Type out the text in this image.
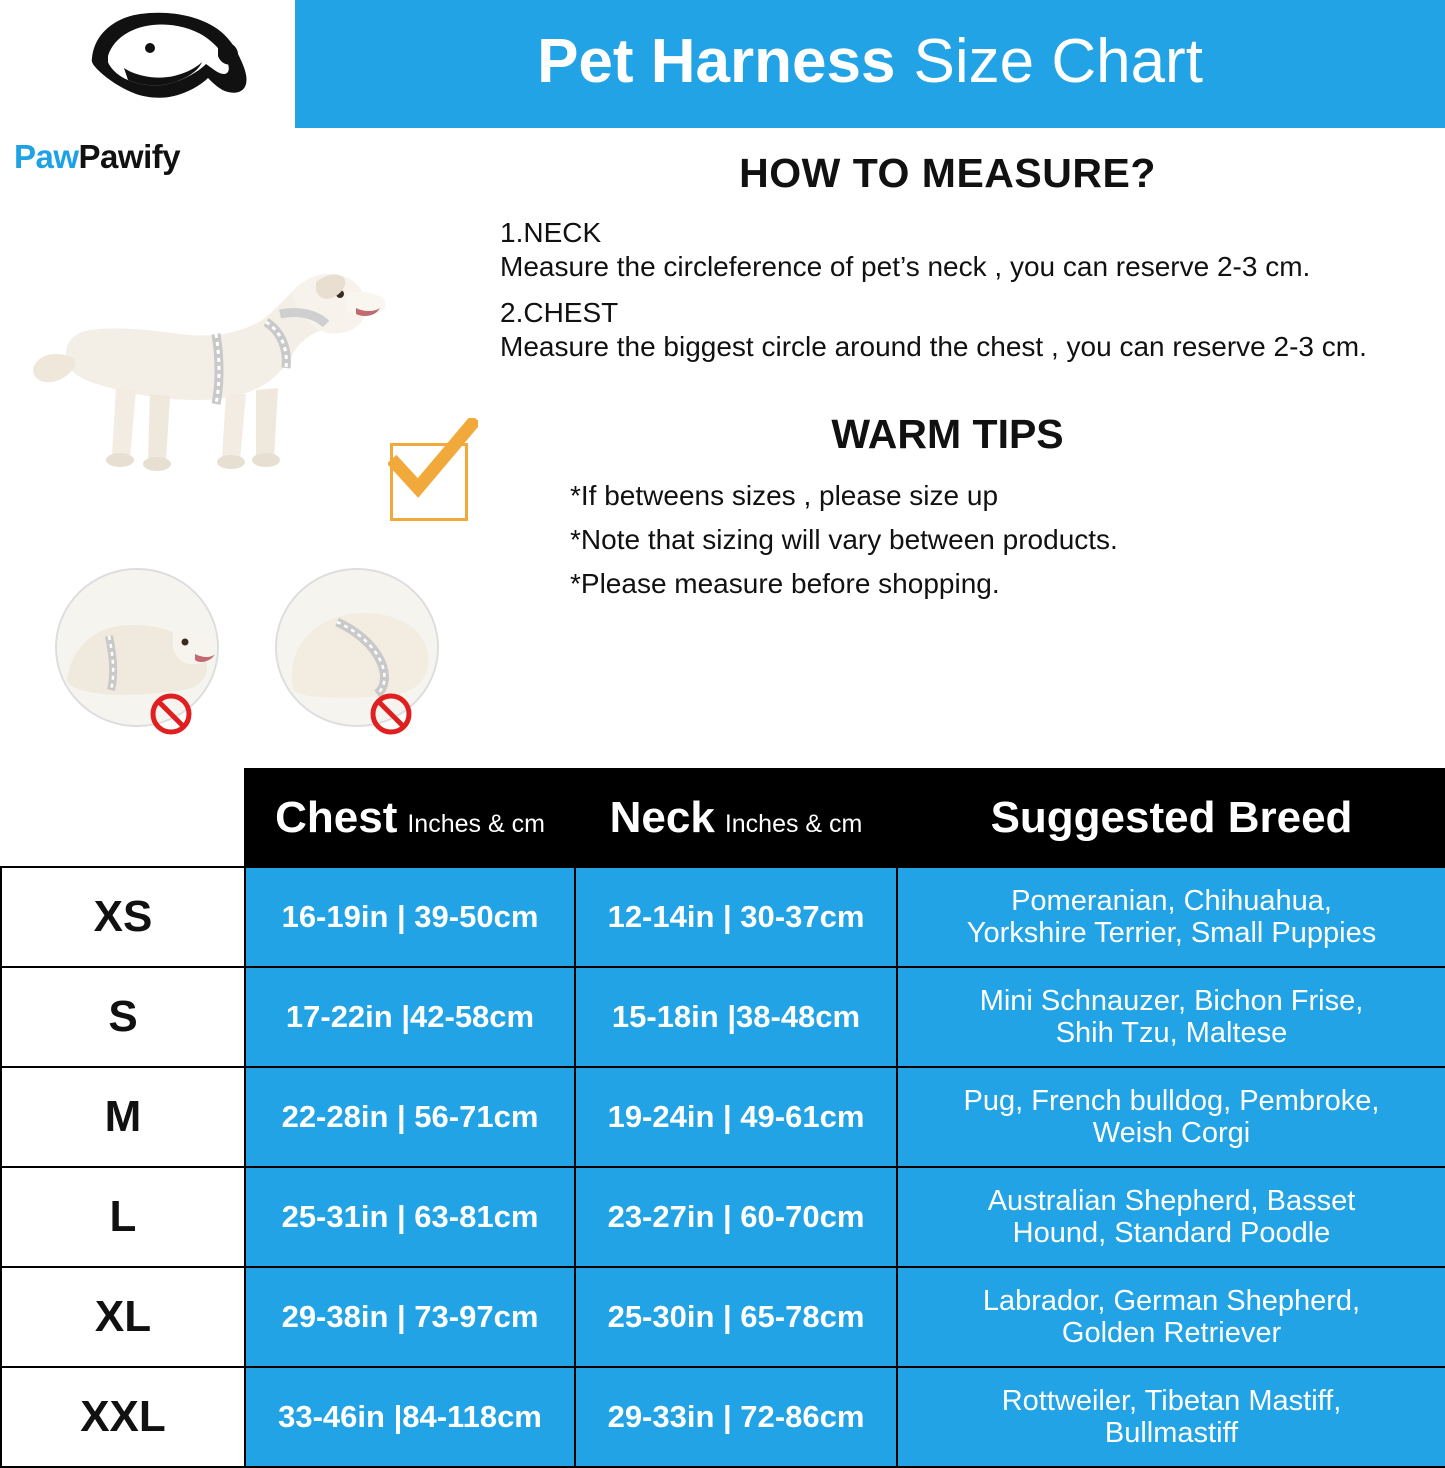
PawPawify
Pet Harness Size Chart
HOW TO MEASURE?
1.NECK
Measure the circleference of pet’s neck , you can reserve 2-3 cm.
2.CHEST
Measure the biggest circle around the chest , you can reserve 2-3 cm.
WARM TIPS
*If betweens sizes , please size up
*Note that sizing will vary between products.
*Please measure before shopping.
	Chest Inches & cm	Neck Inches & cm	Suggested Breed
XS	16-19in | 39-50cm	12-14in | 30-37cm	Pomeranian, Chihuahua,
Yorkshire Terrier, Small Puppies
S	17-22in |42-58cm	15-18in |38-48cm	Mini Schnauzer, Bichon Frise,
Shih Tzu, Maltese
M	22-28in | 56-71cm	19-24in | 49-61cm	Pug, French bulldog, Pembroke,
Weish Corgi
L	25-31in | 63-81cm	23-27in | 60-70cm	Australian Shepherd, Basset
Hound, Standard Poodle
XL	29-38in | 73-97cm	25-30in | 65-78cm	Labrador, German Shepherd,
Golden Retriever
XXL	33-46in |84-118cm	29-33in | 72-86cm	Rottweiler, Tibetan Mastiff,
Bullmastiff
